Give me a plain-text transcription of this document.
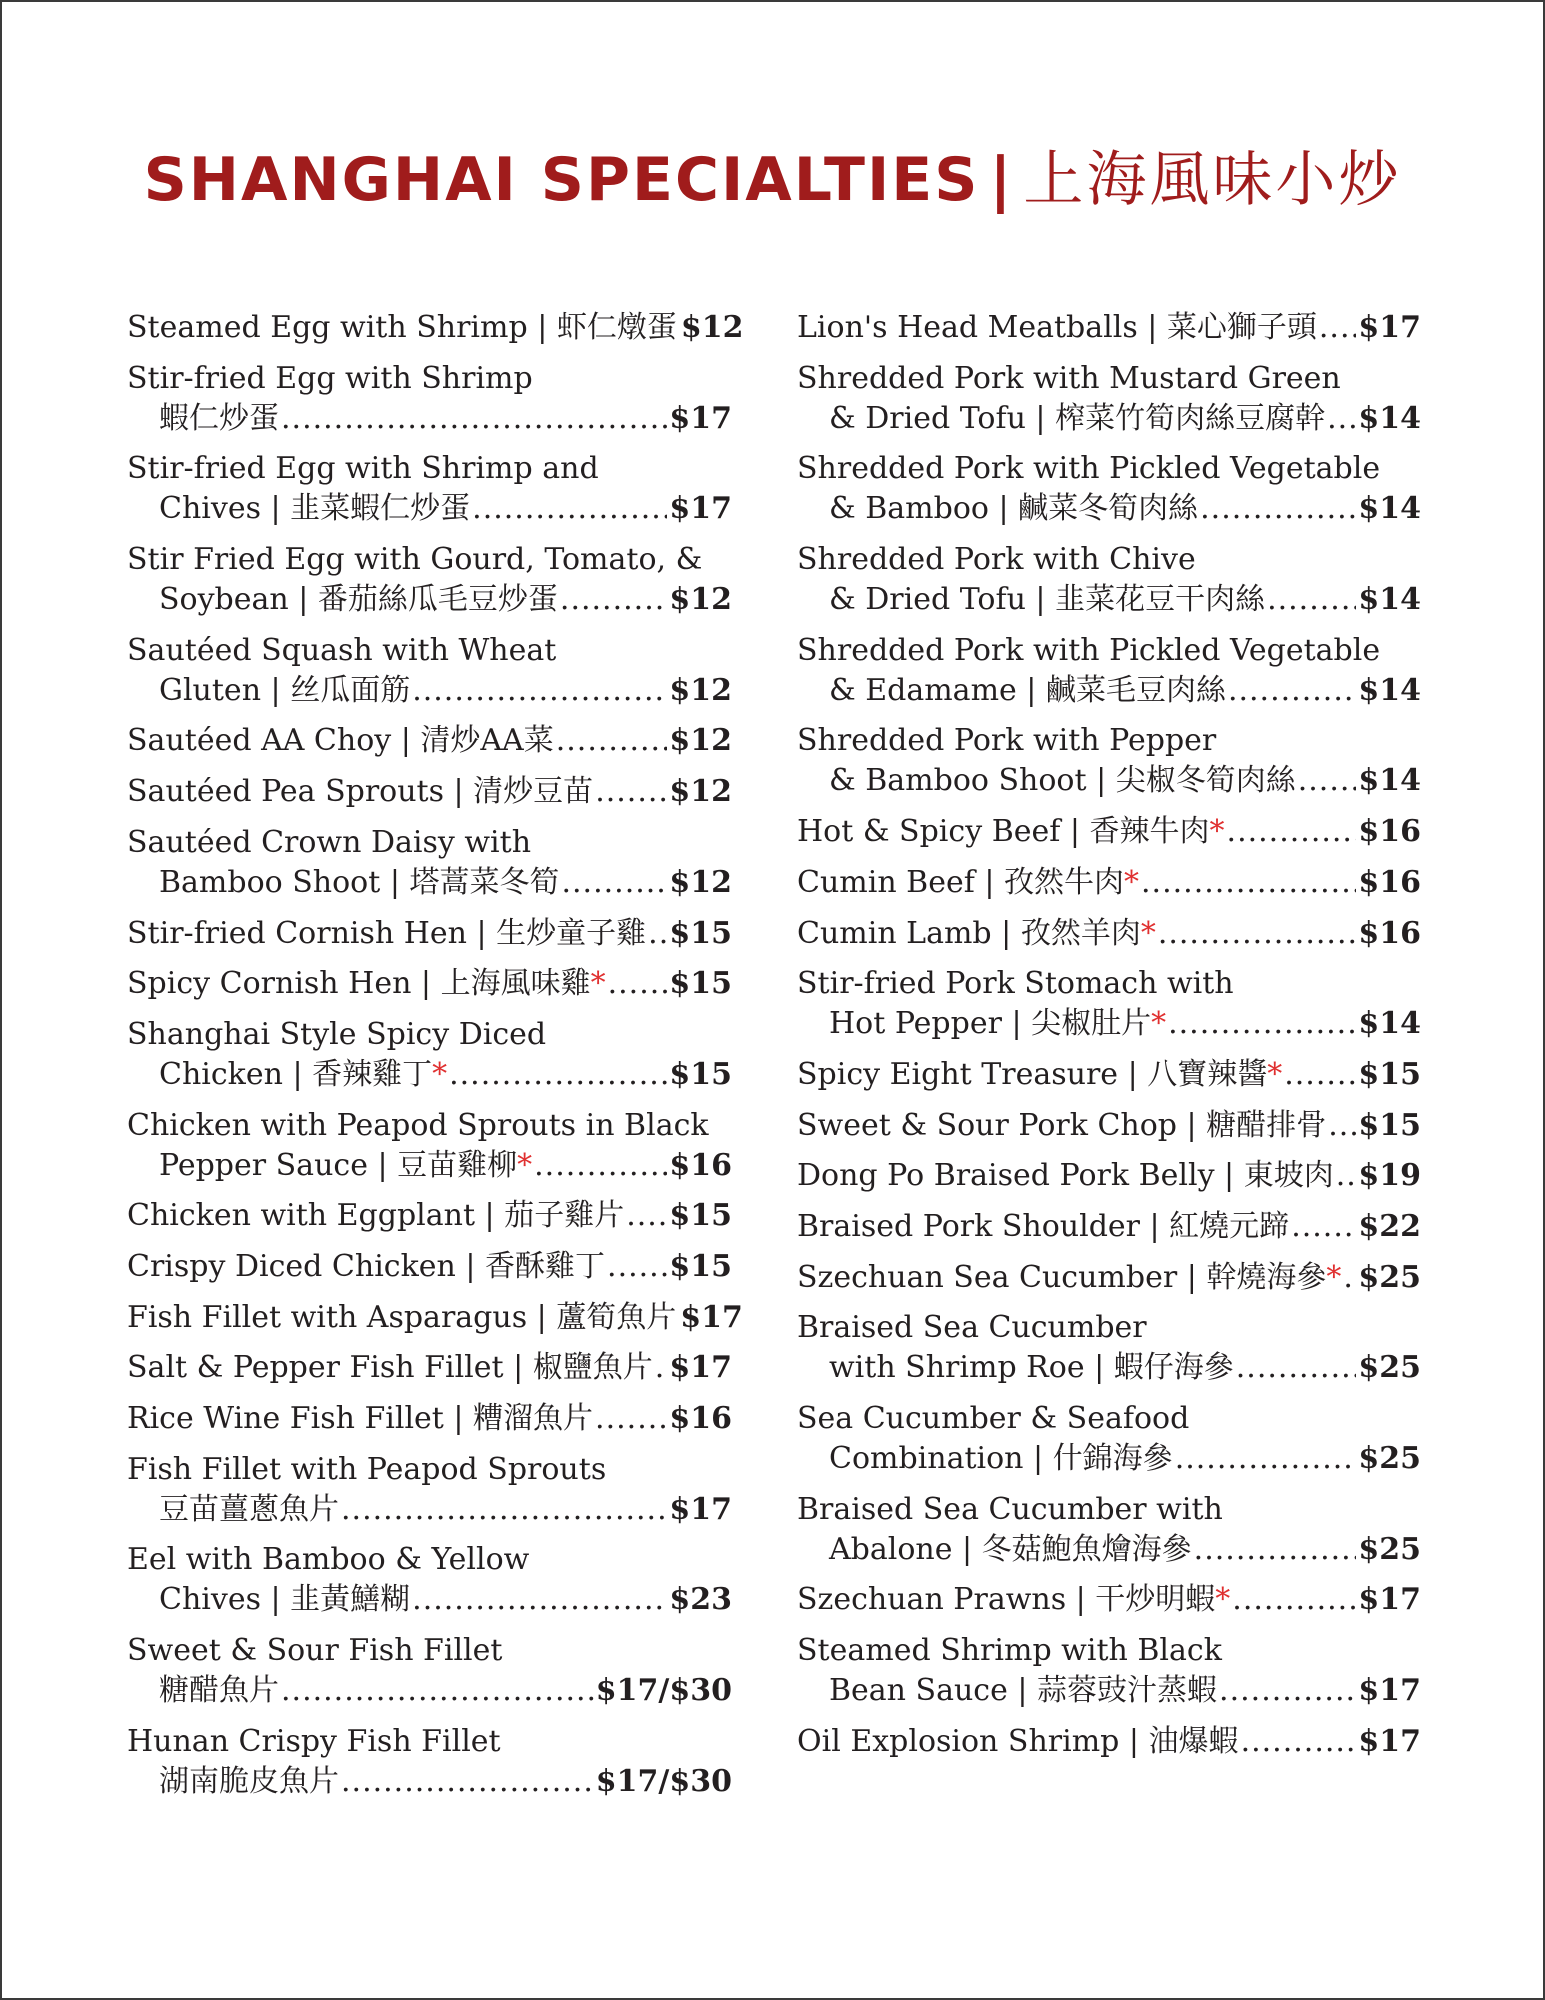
SHANGHAI SPECIALTIES | 上海風味小炒
Steamed Egg with Shrimp | 虾仁燉蛋 $12
Stir-fried Egg with Shrimp
蝦仁炒蛋 .....	$17
Stir-fried Egg with Shrimp and
Chives | 韭菜蝦仁炒蛋 .....	$17
Stir Fried Egg with Gourd, Tomato, &
Soybean | 番茄絲瓜毛豆炒蛋 .....	$12
Sautéed Squash with Wheat
Gluten | 丝瓜面筋 .....	$12
Sautéed AA Choy | 清炒AA菜 .....	$12
Sautéed Pea Sprouts | 清炒豆苗 .....	$12
Sautéed Crown Daisy with
Bamboo Shoot | 塔蒿菜冬筍 .....	$12
Stir-fried Cornish Hen | 生炒童子雞 ..... $15
Spicy Cornish Hen | 上海風味雞 * ..... $15
Shanghai Style Spicy Diced
Chicken | 香辣雞丁 * .....	$15
Chicken with Peapod Sprouts in Black
Pepper Sauce | 豆苗雞柳 * .....	$16
Chicken with Eggplant | 茄子雞片 ..... $15
Crispy Diced Chicken | 香酥雞丁 ..... $15
Fish Fillet with Asparagus | 蘆筍魚片 $17
Salt & Pepper Fish Fillet | 椒鹽魚片 ..... $17
Rice Wine Fish Fillet | 糟溜魚片 .....	$16
Fish Fillet with Peapod Sprouts
豆苗薑蔥魚片 .....	$17
Eel with Bamboo & Yellow
Chives | 韭黃鱔糊 .....	$23
Sweet & Sour Fish Fillet
糖醋魚片 .....	$17/$30
Hunan Crispy Fish Fillet
湖南脆皮魚片 .....	$17/$30
Lion's Head Meatballs | 菜心獅子頭 ..... $17
Shredded Pork with Mustard Green
& Dried Tofu | 榨菜竹筍肉絲豆腐幹 ..... $14
Shredded Pork with Pickled Vegetable
& Bamboo | 鹹菜冬筍肉絲 .....	$14
Shredded Pork with Chive
& Dried Tofu | 韭菜花豆干肉絲 .....	$14
Shredded Pork with Pickled Vegetable
& Edamame | 鹹菜毛豆肉絲 .....	$14
Shredded Pork with Pepper
& Bamboo Shoot | 尖椒冬筍肉絲 ..... $14
Hot & Spicy Beef | 香辣牛肉 * .....	$16
Cumin Beef | 孜然牛肉 * .....	$16
Cumin Lamb | 孜然羊肉 * .....	$16
Stir-fried Pork Stomach with
Hot Pepper | 尖椒肚片 * .....	$14
Spicy Eight Treasure | 八寶辣醬 * .....	$15
Sweet & Sour Pork Chop | 糖醋排骨 ..... $15
Dong Po Braised Pork Belly | 東坡肉 ..... $19
Braised Pork Shoulder | 紅燒元蹄 ..... $22
Szechuan Sea Cucumber | 幹燒海參 * ..... $25
Braised Sea Cucumber
with Shrimp Roe | 蝦仔海參 .....	$25
Sea Cucumber & Seafood
Combination | 什錦海參 .....	$25
Braised Sea Cucumber with
Abalone | 冬菇鮑魚燴海參 .....	$25
Szechuan Prawns | 干炒明蝦 * .....	$17
Steamed Shrimp with Black
Bean Sauce | 蒜蓉豉汁蒸蝦 .....	$17
Oil Explosion Shrimp | 油爆蝦 .....	$17
